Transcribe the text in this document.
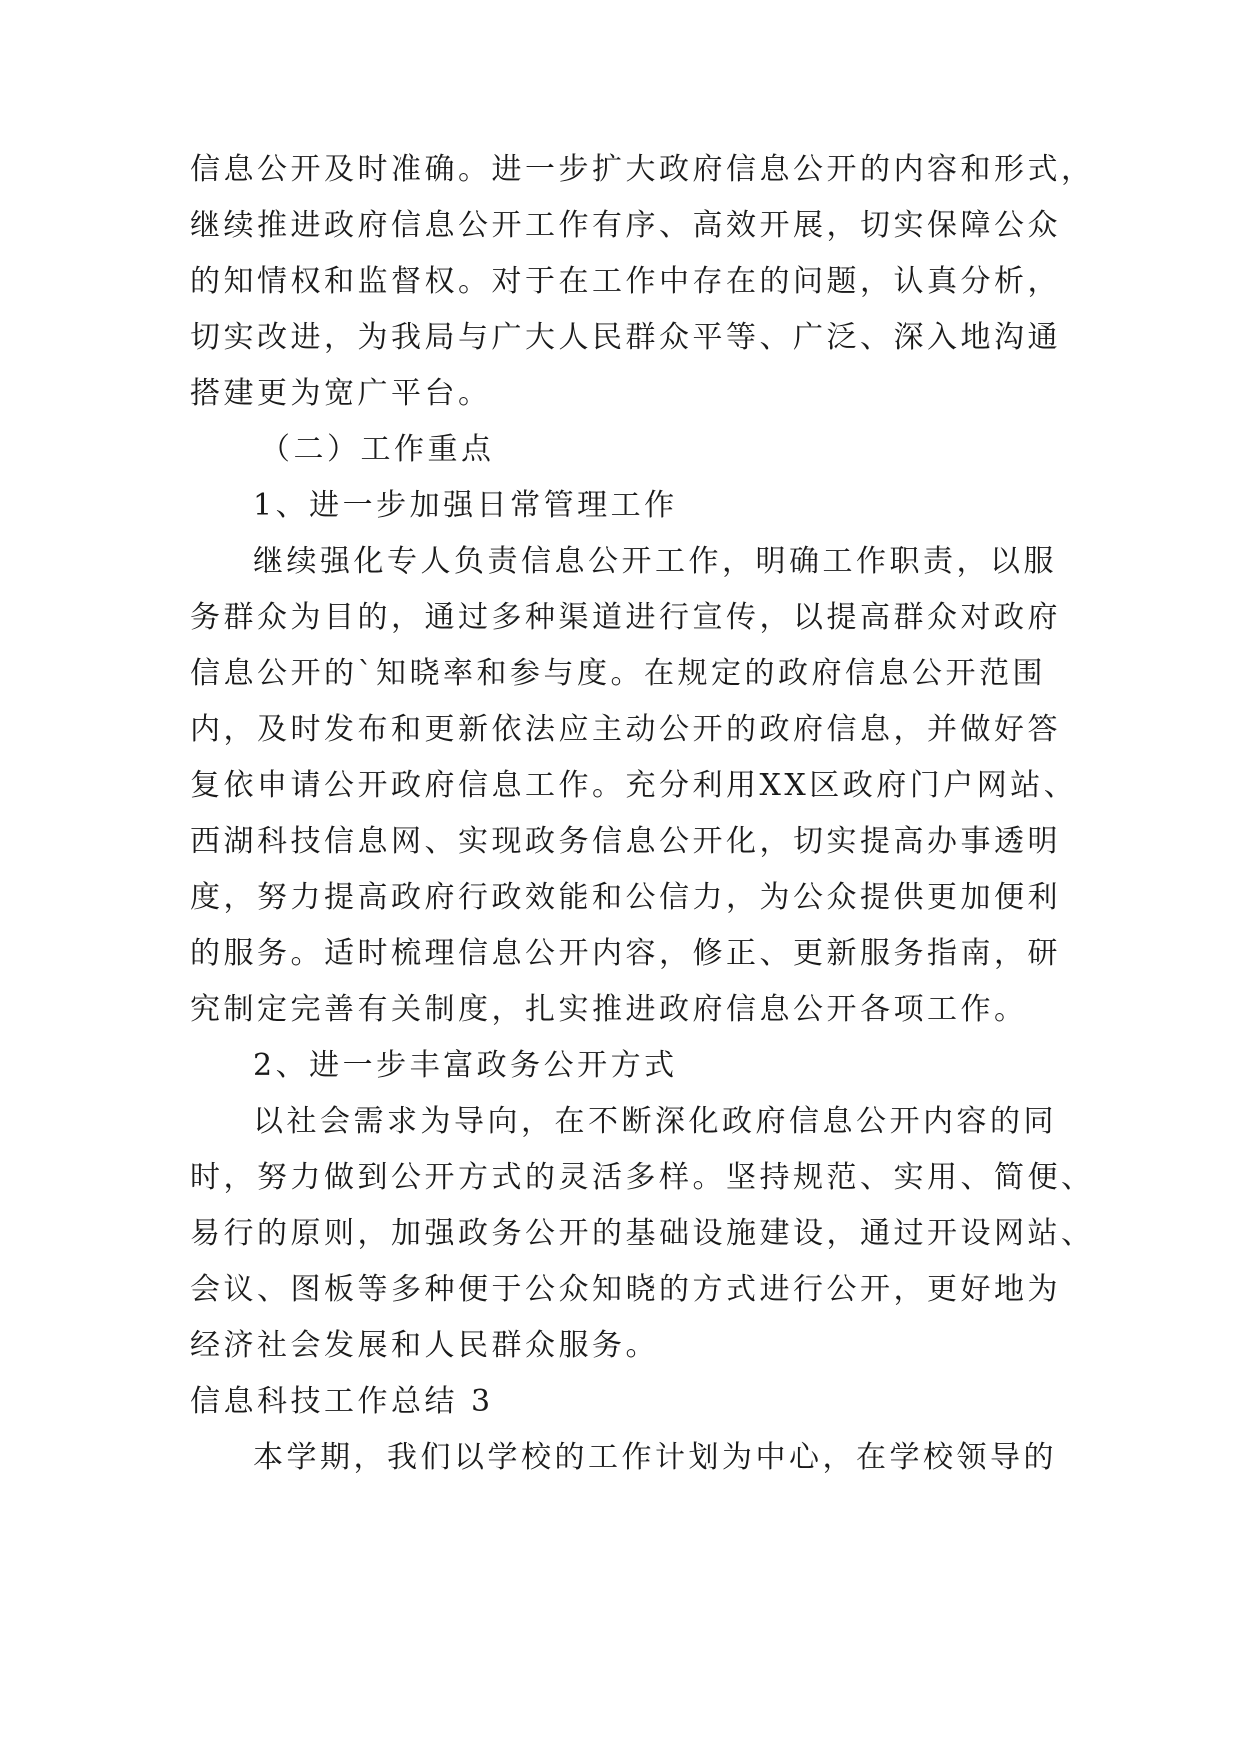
信息公开及时准确。进一步扩大政府信息公开的内容和形式，
继续推进政府信息公开工作有序、高效开展，切实保障公众
的知情权和监督权。对于在工作中存在的问题，认真分析，
切实改进，为我局与广大人民群众平等、广泛、深入地沟通
搭建更为宽广平台。
（二）工作重点
1、进一步加强日常管理工作
继续强化专人负责信息公开工作，明确工作职责，以服
务群众为目的，通过多种渠道进行宣传，以提高群众对政府
信息公开的`知晓率和参与度。在规定的政府信息公开范围
内，及时发布和更新依法应主动公开的政府信息，并做好答
复依申请公开政府信息工作。充分利用XX区政府门户网站、
西湖科技信息网、实现政务信息公开化，切实提高办事透明
度，努力提高政府行政效能和公信力，为公众提供更加便利
的服务。适时梳理信息公开内容，修正、更新服务指南，研
究制定完善有关制度，扎实推进政府信息公开各项工作。
2、进一步丰富政务公开方式
以社会需求为导向，在不断深化政府信息公开内容的同
时，努力做到公开方式的灵活多样。坚持规范、实用、简便、
易行的原则，加强政务公开的基础设施建设，通过开设网站、
会议、图板等多种便于公众知晓的方式进行公开，更好地为
经济社会发展和人民群众服务。
信息科技工作总结 3
本学期，我们以学校的工作计划为中心，在学校领导的
